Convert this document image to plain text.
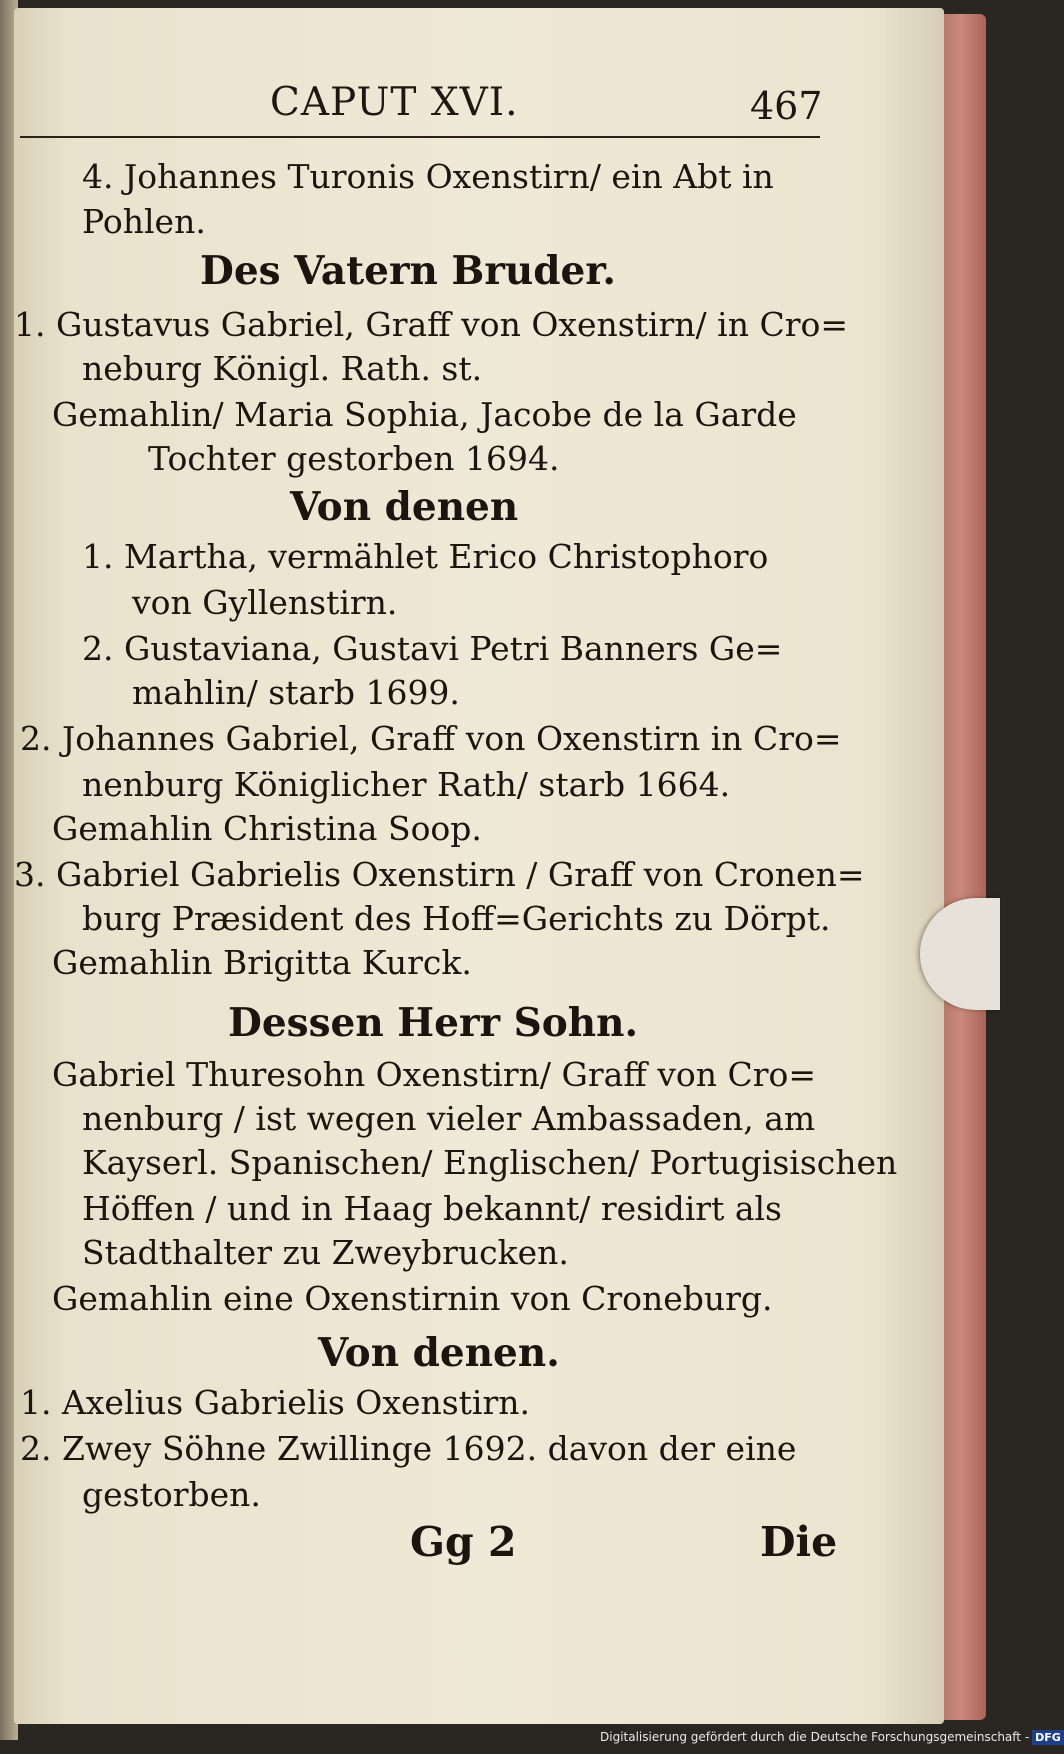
CAPUT XVI.	467
4. Johannes Turonis Oxenstirn/ ein Abt in
Pohlen.
Des Vatern Bruder.
1. Gustavus Gabriel, Graff von Oxenstirn/ in Cro=
neburg Königl. Rath. st.
Gemahlin/ Maria Sophia, Jacobe de la Garde
Tochter gestorben 1694.
Von denen
1. Martha, vermählet Erico Christophoro
von Gyllenstirn.
2. Gustaviana, Gustavi Petri Banners Ge=
mahlin/ starb 1699.
2. Johannes Gabriel, Graff von Oxenstirn in Cro=
nenburg Königlicher Rath/ starb 1664.
Gemahlin Christina Soop.
3. Gabriel Gabrielis Oxenstirn / Graff von Cronen=
burg Præsident des Hoff=Gerichts zu Dörpt.
Gemahlin Brigitta Kurck.
Dessen Herr Sohn.
Gabriel Thuresohn Oxenstirn/ Graff von Cro=
nenburg / ist wegen vieler Ambassaden, am
Kayserl. Spanischen/ Englischen/ Portugisischen
Höffen / und in Haag bekannt/ residirt als
Stadthalter zu Zweybrucken.
Gemahlin eine Oxenstirnin von Croneburg.
Von denen.
1. Axelius Gabrielis Oxenstirn.
2. Zwey Söhne Zwillinge 1692. davon der eine
gestorben.
Gg 2	Die
Digitalisierung gefördert durch die Deutsche Forschungsgemeinschaft - DFG
